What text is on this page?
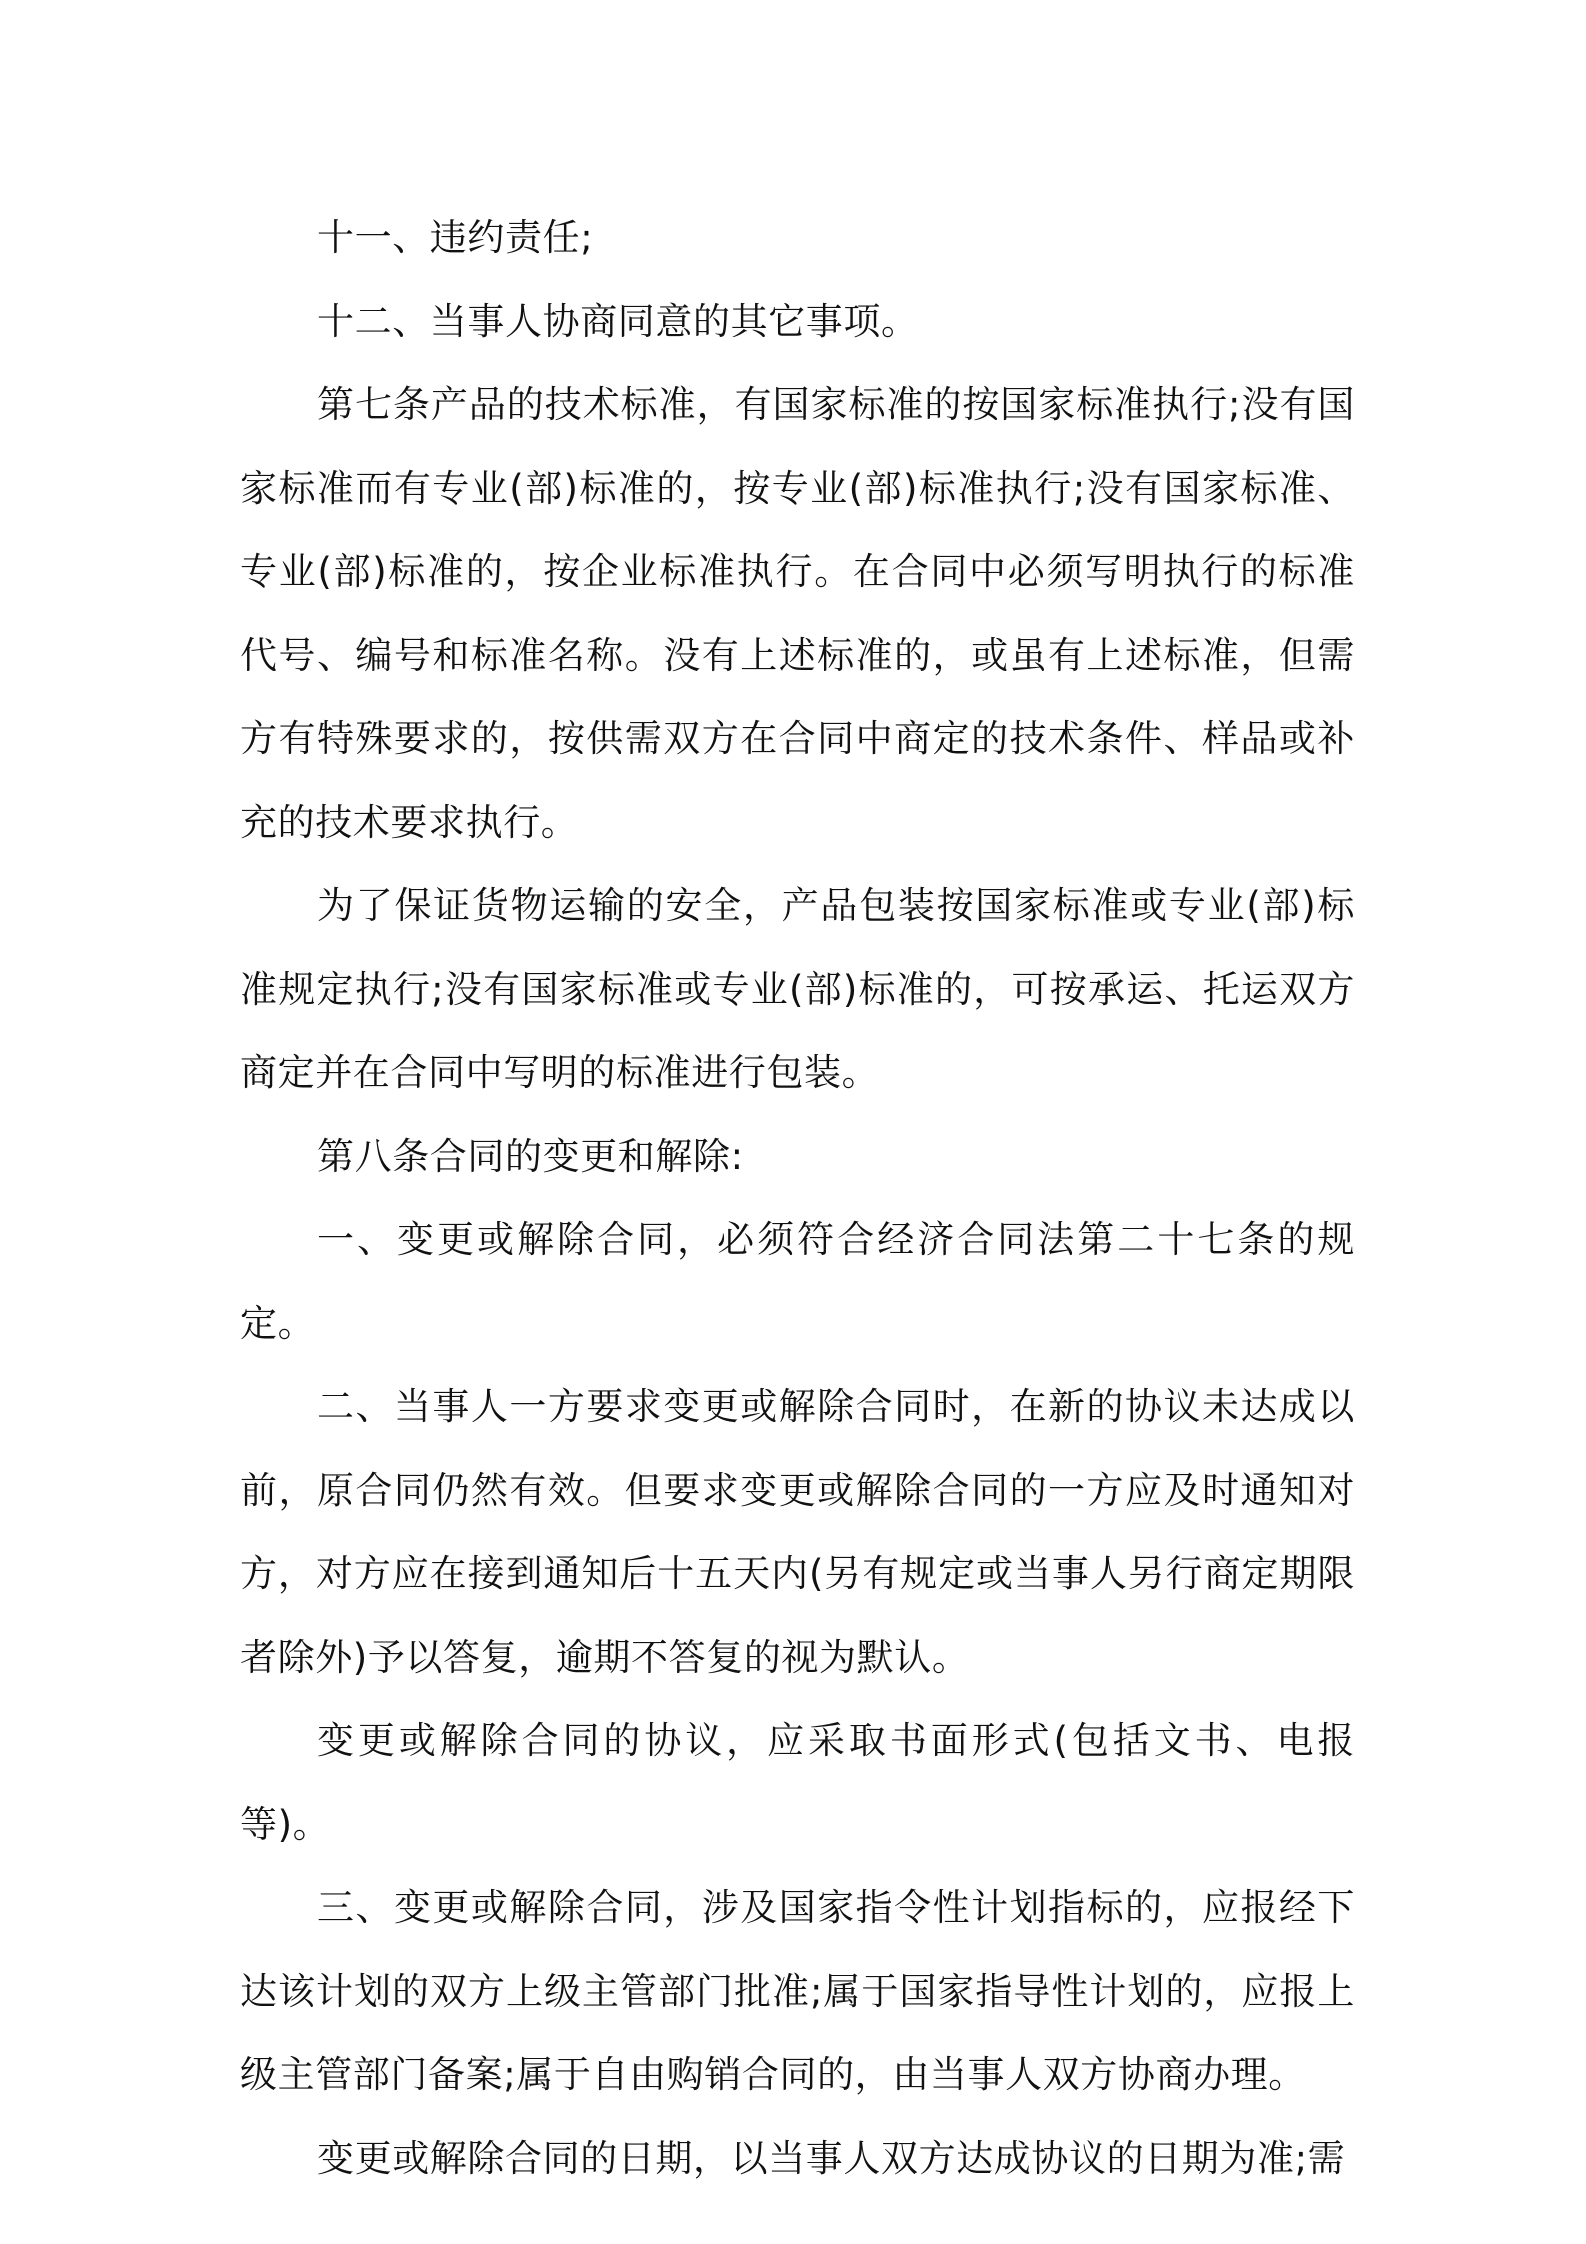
十一、违约责任;

十二、当事人协商同意的其它事项。

第七条产品的技术标准，有国家标准的按国家标准执行;没有国家标准而有专业(部)标准的，按专业(部)标准执行;没有国家标准、专业(部)标准的，按企业标准执行。在合同中必须写明执行的标准代号、编号和标准名称。没有上述标准的，或虽有上述标准，但需方有特殊要求的，按供需双方在合同中商定的技术条件、样品或补充的技术要求执行。

为了保证货物运输的安全，产品包装按国家标准或专业(部)标准规定执行;没有国家标准或专业(部)标准的，可按承运、托运双方商定并在合同中写明的标准进行包装。

第八条合同的变更和解除:

一、变更或解除合同，必须符合经济合同法第二十七条的规定。

二、当事人一方要求变更或解除合同时，在新的协议未达成以前，原合同仍然有效。但要求变更或解除合同的一方应及时通知对方，对方应在接到通知后十五天内(另有规定或当事人另行商定期限者除外)予以答复，逾期不答复的视为默认。

变更或解除合同的协议，应采取书面形式(包括文书、电报等)。

三、变更或解除合同，涉及国家指令性计划指标的，应报经下达该计划的双方上级主管部门批准;属于国家指导性计划的，应报上级主管部门备案;属于自由购销合同的，由当事人双方协商办理。

变更或解除合同的日期，以当事人双方达成协议的日期为准;需
